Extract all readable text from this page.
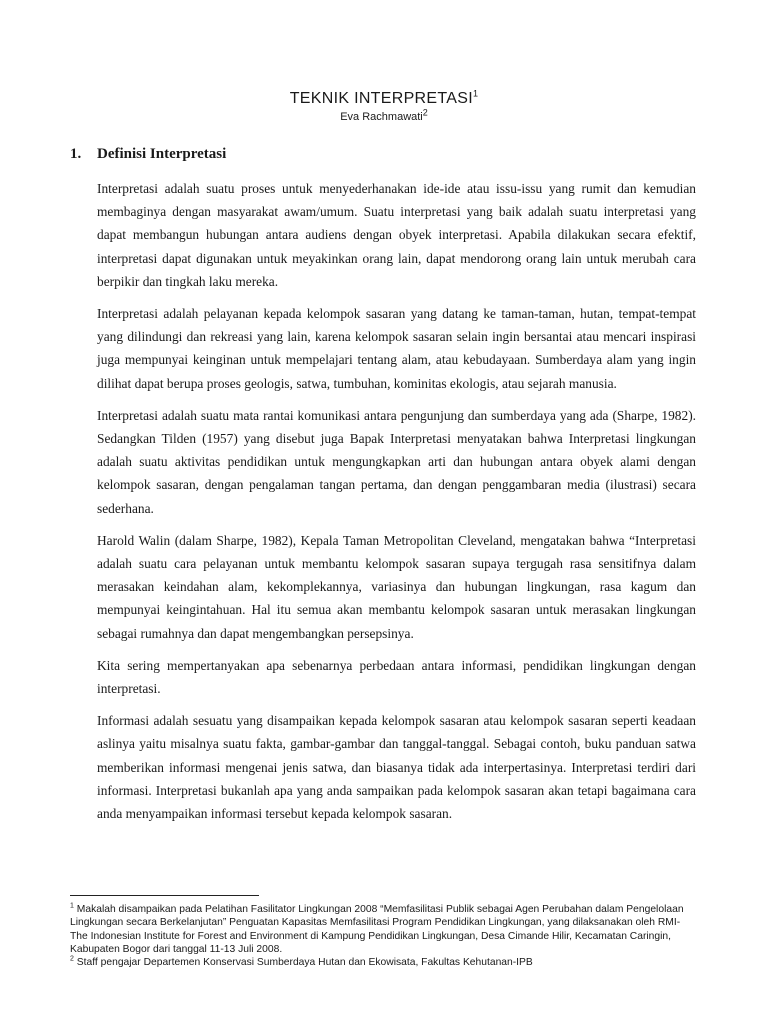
TEKNIK INTERPRETASI$^1$
Eva Rachmawati$^2$
1. Definisi Interpretasi

Interpretasi adalah suatu proses untuk menyederhanakan ide-ide atau issu-issu yang rumit dan kemudian membaginya dengan masyarakat awam/umum. Suatu interpretasi yang baik adalah suatu interpretasi yang dapat membangun hubungan antara audiens dengan obyek interpretasi. Apabila dilakukan secara efektif, interpretasi dapat digunakan untuk meyakinkan orang lain, dapat mendorong orang lain untuk merubah cara berpikir dan tingkah laku mereka.

Interpretasi adalah pelayanan kepada kelompok sasaran yang datang ke taman-taman, hutan, tempat-tempat yang dilindungi dan rekreasi yang lain, karena kelompok sasaran selain ingin bersantai atau mencari inspirasi juga mempunyai keinginan untuk mempelajari tentang alam, atau kebudayaan. Sumberdaya alam yang ingin dilihat dapat berupa proses geologis, satwa, tumbuhan, kominitas ekologis, atau sejarah manusia.

Interpretasi adalah suatu mata rantai komunikasi antara pengunjung dan sumberdaya yang ada (Sharpe, 1982). Sedangkan Tilden (1957) yang disebut juga Bapak Interpretasi menyatakan bahwa Interpretasi lingkungan adalah suatu aktivitas pendidikan untuk mengungkapkan arti dan hubungan antara obyek alami dengan kelompok sasaran, dengan pengalaman tangan pertama, dan dengan penggambaran media (ilustrasi) secara sederhana.

Harold Walin (dalam Sharpe, 1982), Kepala Taman Metropolitan Cleveland, mengatakan bahwa “Interpretasi adalah suatu cara pelayanan untuk membantu kelompok sasaran supaya tergugah rasa sensitifnya dalam merasakan keindahan alam, kekomplekannya, variasinya dan hubungan lingkungan, rasa kagum dan mempunyai keingintahuan. Hal itu semua akan membantu kelompok sasaran untuk merasakan lingkungan sebagai rumahnya dan dapat mengembangkan persepsinya.

Kita sering mempertanyakan apa sebenarnya perbedaan antara informasi, pendidikan lingkungan dengan interpretasi.

Informasi adalah sesuatu yang disampaikan kepada kelompok sasaran atau kelompok sasaran seperti keadaan aslinya yaitu misalnya suatu fakta, gambar-gambar dan tanggal-tanggal. Sebagai contoh, buku panduan satwa memberikan informasi mengenai jenis satwa, dan biasanya tidak ada interpertasinya. Interpretasi terdiri dari informasi. Interpretasi bukanlah apa yang anda sampaikan pada kelompok sasaran akan tetapi bagaimana cara anda menyampaikan informasi tersebut kepada kelompok sasaran.

$^1$ Makalah disampaikan pada Pelatihan Fasilitator Lingkungan 2008 “Memfasilitasi Publik sebagai Agen Perubahan dalam Pengelolaan Lingkungan secara Berkelanjutan” Penguatan Kapasitas Memfasilitasi Program Pendidikan Lingkungan, yang dilaksanakan oleh RMI-The Indonesian Institute for Forest and Environment di Kampung Pendidikan Lingkungan, Desa Cimande Hilir, Kecamatan Caringin, Kabupaten Bogor dari tanggal 11-13 Juli 2008.

$^2$ Staff pengajar Departemen Konservasi Sumberdaya Hutan dan Ekowisata, Fakultas Kehutanan-IPB
